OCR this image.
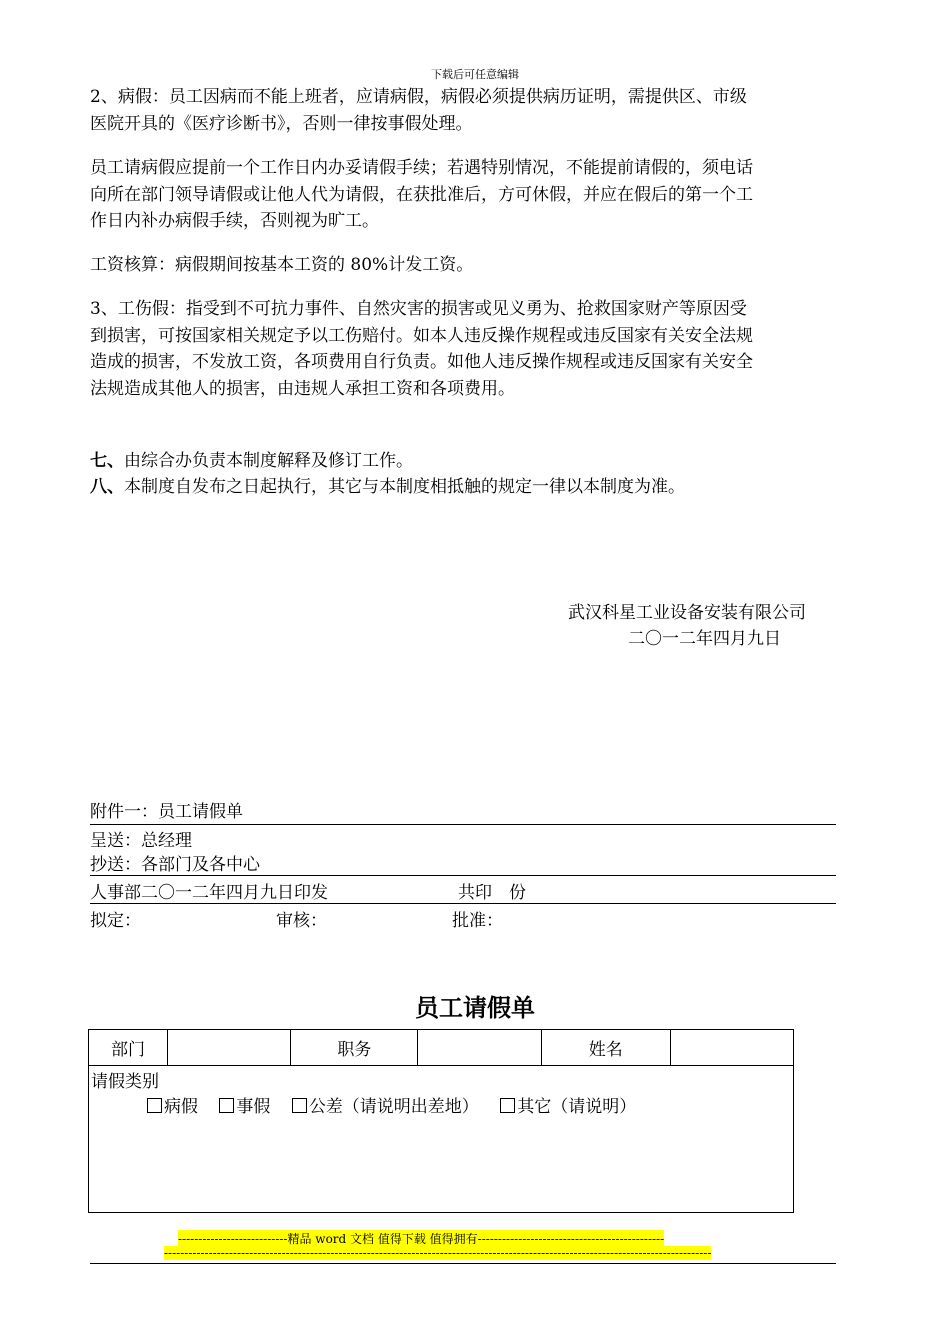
下载后可任意编辑
2、病假：员工因病而不能上班者，应请病假，病假必须提供病历证明，需提供区、市级
医院开具的《医疗诊断书》，否则一律按事假处理。
员工请病假应提前一个工作日内办妥请假手续；若遇特别情况，不能提前请假的，须电话
向所在部门领导请假或让他人代为请假，在获批准后，方可休假，并应在假后的第一个工
作日内补办病假手续，否则视为旷工。
工资核算：病假期间按基本工资的 80%计发工资。
3、工伤假：指受到不可抗力事件、自然灾害的损害或见义勇为、抢救国家财产等原因受
到损害，可按国家相关规定予以工伤赔付。如本人违反操作规程或违反国家有关安全法规
造成的损害，不发放工资，各项费用自行负责。如他人违反操作规程或违反国家有关安全
法规造成其他人的损害，由违规人承担工资和各项费用。
七、由综合办负责本制度解释及修订工作。
八、本制度自发布之日起执行，其它与本制度相抵触的规定一律以本制度为准。
武汉科星工业设备安装有限公司
二〇一二年四月九日
附件一：员工请假单
呈送：总经理
抄送：各部门及各中心
人事部二〇一二年四月九日印发	共印　份
拟定：	审核：	批准：
员工请假单
部门		职务		姓名	
请假类别
病假 事假 公差（请说明出差地） 其它（请说明）
---------------------------精品 word 文档 值得下载 值得拥有----------------------------------------------
---------------------------------------------------------------------------------------------------------------------------------------
